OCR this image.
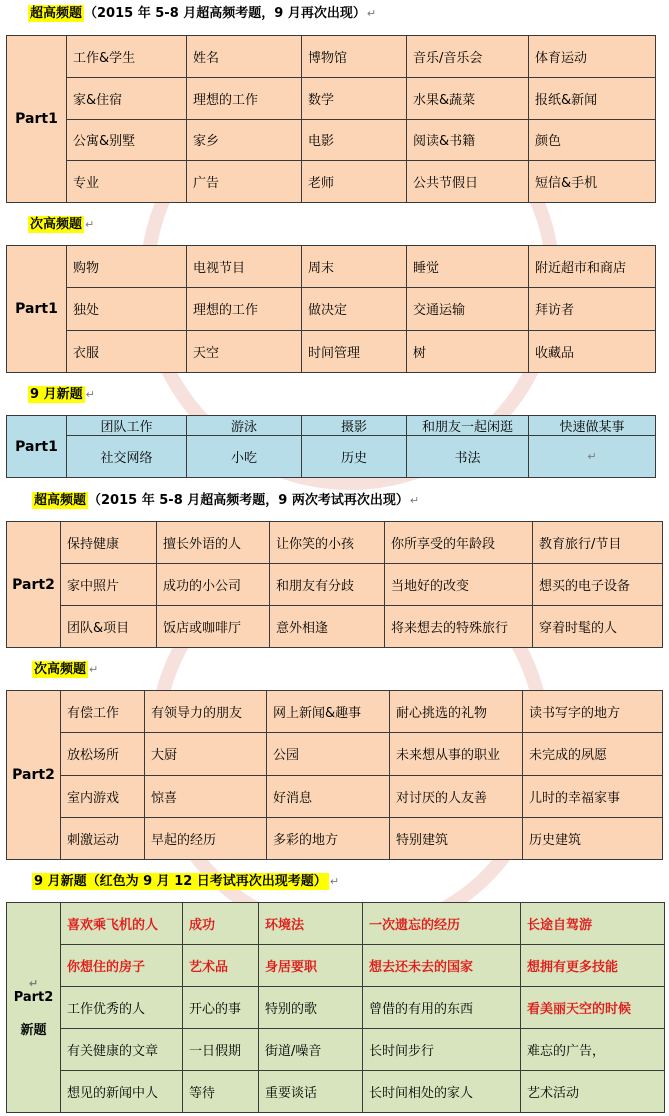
超高频题 （2015 年 5-8 月超高频考题，9 月再次出现）↵
Part1	工作&学生	姓名	博物馆	音乐/音乐会	体育运动
	家&住宿	理想的工作	数学	水果&蔬菜	报纸&新闻
	公寓&别墅	家乡	电影	阅读&书籍	颜色
	专业	广告	老师	公共节假日	短信&手机
次高频题 ↵
Part1	购物	电视节目	周末	睡觉	附近超市和商店
	独处	理想的工作	做决定	交通运输	拜访者
	衣服	天空	时间管理	树	收藏品
9 月新题 ↵
Part1	团队工作	游泳	摄影	和朋友一起闲逛	快速做某事
	社交网络	小吃	历史	书法	↵
超高频题 （2015 年 5-8 月超高频考题，9 两次考试再次出现）↵
Part2	保持健康	擅长外语的人	让你笑的小孩	你所享受的年龄段	教育旅行/节目
	家中照片	成功的小公司	和朋友有分歧	当地好的改变	想买的电子设备
	团队&项目	饭店或咖啡厅	意外相逢	将来想去的特殊旅行	穿着时髦的人
次高频题 ↵
Part2	有偿工作	有领导力的朋友	网上新闻&趣事	耐心挑选的礼物	读书写字的地方
	放松场所	大厨	公园	未来想从事的职业	未完成的夙愿
	室内游戏	惊喜	好消息	对讨厌的人友善	儿时的幸福家事
	刺激运动	早起的经历	多彩的地方	特别建筑	历史建筑
9 月新题（红色为 9 月 12 日考试再次出现考题） ↵
↵
Part2
新题	喜欢乘飞机的人	成功	环境法	一次遗忘的经历	长途自驾游
	你想住的房子	艺术品	身居要职	想去还未去的国家	想拥有更多技能
	工作优秀的人	开心的事	特别的歌	曾借的有用的东西	看美丽天空的时候
	有关健康的文章	一日假期	街道/噪音	长时间步行	难忘的广告，
	想见的新闻中人	等待	重要谈话	长时间相处的家人	艺术活动
